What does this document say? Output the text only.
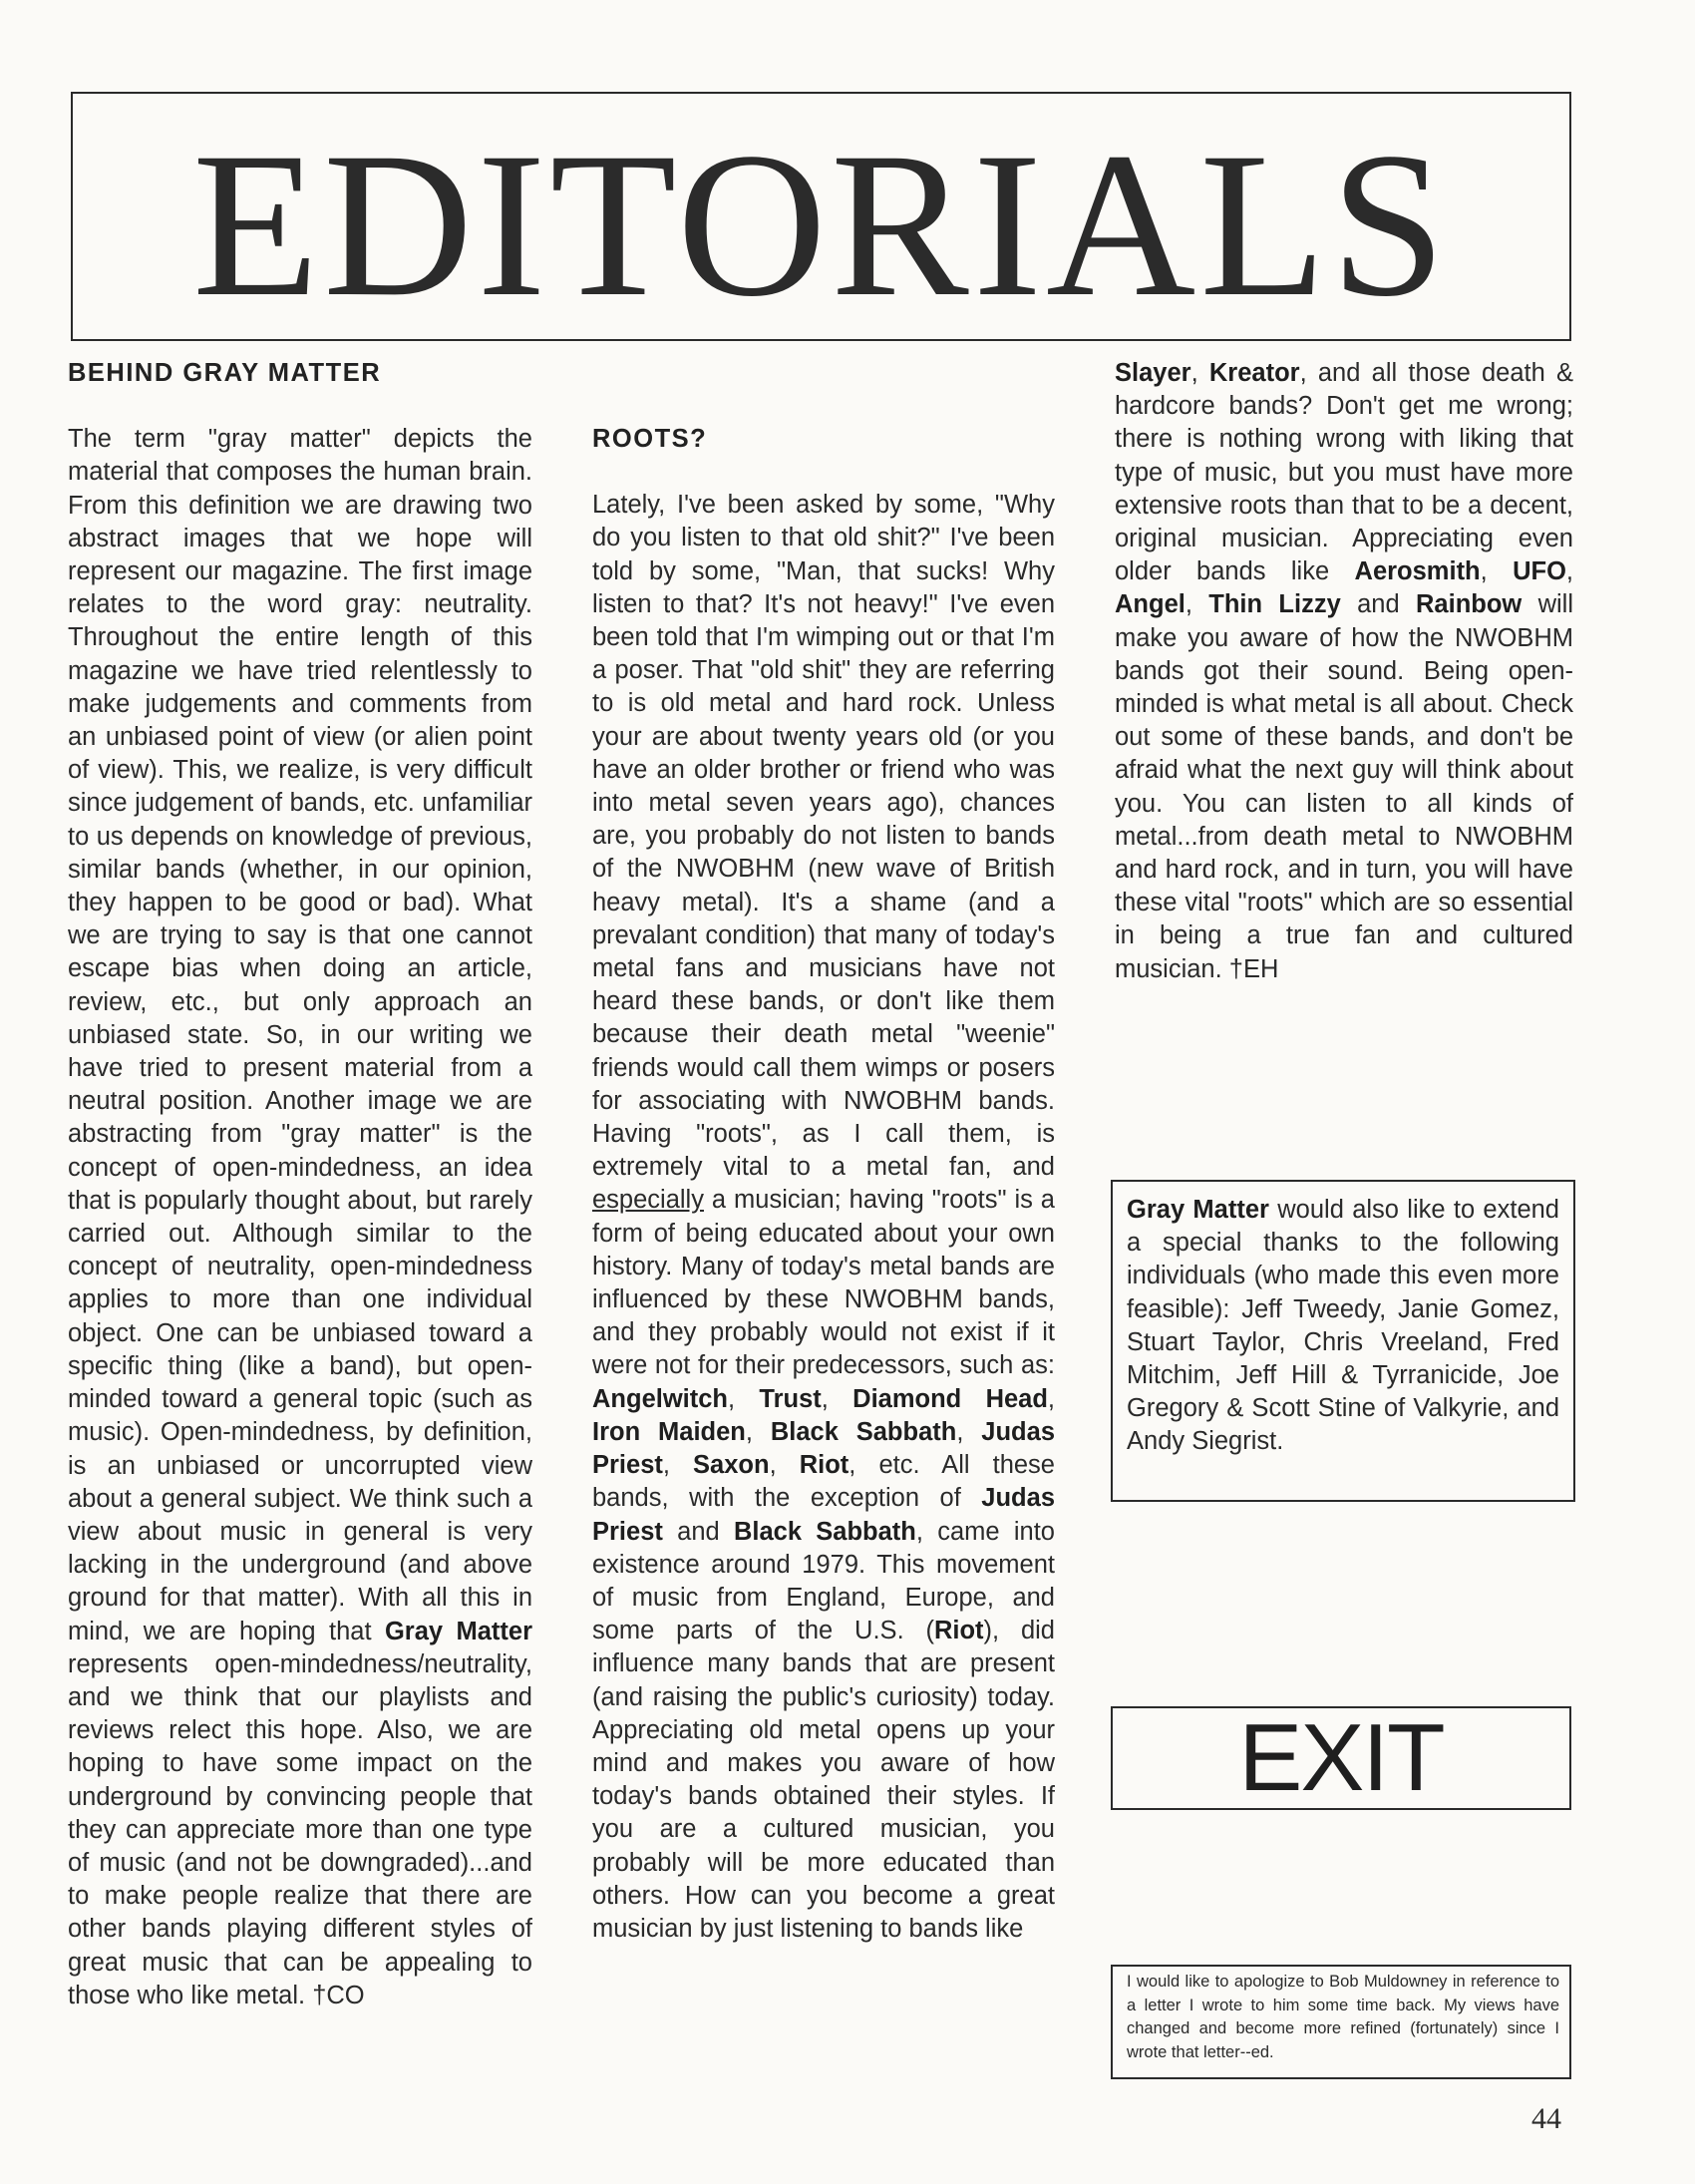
EDITORIALS
BEHIND GRAY MATTER

The term "gray matter" depicts the material that composes the human brain. From this definition we are drawing two abstract images that we hope will represent our magazine. The first image relates to the word gray: neutrality. Throughout the entire length of this magazine we have tried relentlessly to make judgements and comments from an unbiased point of view (or alien point of view). This, we realize, is very difficult since judgement of bands, etc. unfamiliar to us depends on knowledge of previous, similar bands (whether, in our opinion, they happen to be good or bad). What we are trying to say is that one cannot escape bias when doing an article, review, etc., but only approach an unbiased state. So, in our writing we have tried to present material from a neutral position. Another image we are abstracting from "gray matter" is the concept of open-mindedness, an idea that is popularly thought about, but rarely carried out. Although similar to the concept of neutrality, open-mindedness applies to more than one individual object. One can be unbiased toward a specific thing (like a band), but open-minded toward a general topic (such as music). Open-mindedness, by definition, is an unbiased or uncorrupted view about a general subject. We think such a view about music in general is very lacking in the underground (and above ground for that matter). With all this in mind, we are hoping that Gray Matter represents open-mindedness/neutrality, and we think that our playlists and reviews relect this hope. Also, we are hoping to have some impact on the underground by convincing people that they can appreciate more than one type of music (and not be downgraded)...and to make people realize that there are other bands playing different styles of great music that can be appealing to those who like metal. †CO

ROOTS?

Lately, I've been asked by some, "Why do you listen to that old shit?" I've been told by some, "Man, that sucks! Why listen to that? It's not heavy!" I've even been told that I'm wimping out or that I'm a poser. That "old shit" they are referring to is old metal and hard rock. Unless your are about twenty years old (or you have an older brother or friend who was into metal seven years ago), chances are, you probably do not listen to bands of the NWOBHM (new wave of British heavy metal). It's a shame (and a prevalant condition) that many of today's metal fans and musicians have not heard these bands, or don't like them because their death metal "weenie" friends would call them wimps or posers for associating with NWOBHM bands. Having "roots", as I call them, is extremely vital to a metal fan, and especially a musician; having "roots" is a form of being educated about your own history. Many of today's metal bands are influenced by these NWOBHM bands, and they probably would not exist if it were not for their predecessors, such as: Angelwitch, Trust, Diamond Head, Iron Maiden, Black Sabbath, Judas Priest, Saxon, Riot, etc. All these bands, with the exception of Judas Priest and Black Sabbath, came into existence around 1979. This movement of music from England, Europe, and some parts of the U.S. (Riot), did influence many bands that are present (and raising the public's curiosity) today. Appreciating old metal opens up your mind and makes you aware of how today's bands obtained their styles. If you are a cultured musician, you probably will be more educated than others. How can you become a great musician by just listening to bands like

Slayer, Kreator, and all those death & hardcore bands? Don't get me wrong; there is nothing wrong with liking that type of music, but you must have more extensive roots than that to be a decent, original musician. Appreciating even older bands like Aerosmith, UFO, Angel, Thin Lizzy and Rainbow will make you aware of how the NWOBHM bands got their sound. Being open-minded is what metal is all about. Check out some of these bands, and don't be afraid what the next guy will think about you. You can listen to all kinds of metal...from death metal to NWOBHM and hard rock, and in turn, you will have these vital "roots" which are so essential in being a true fan and cultured musician. †EH

Gray Matter would also like to extend a special thanks to the following individuals (who made this even more feasible): Jeff Tweedy, Janie Gomez, Stuart Taylor, Chris Vreeland, Fred Mitchim, Jeff Hill & Tyrranicide, Joe Gregory & Scott Stine of Valkyrie, and Andy Siegrist.

EXIT

I would like to apologize to Bob Muldowney in reference to a letter I wrote to him some time back. My views have changed and become more refined (fortunately) since I wrote that letter--ed.

44
